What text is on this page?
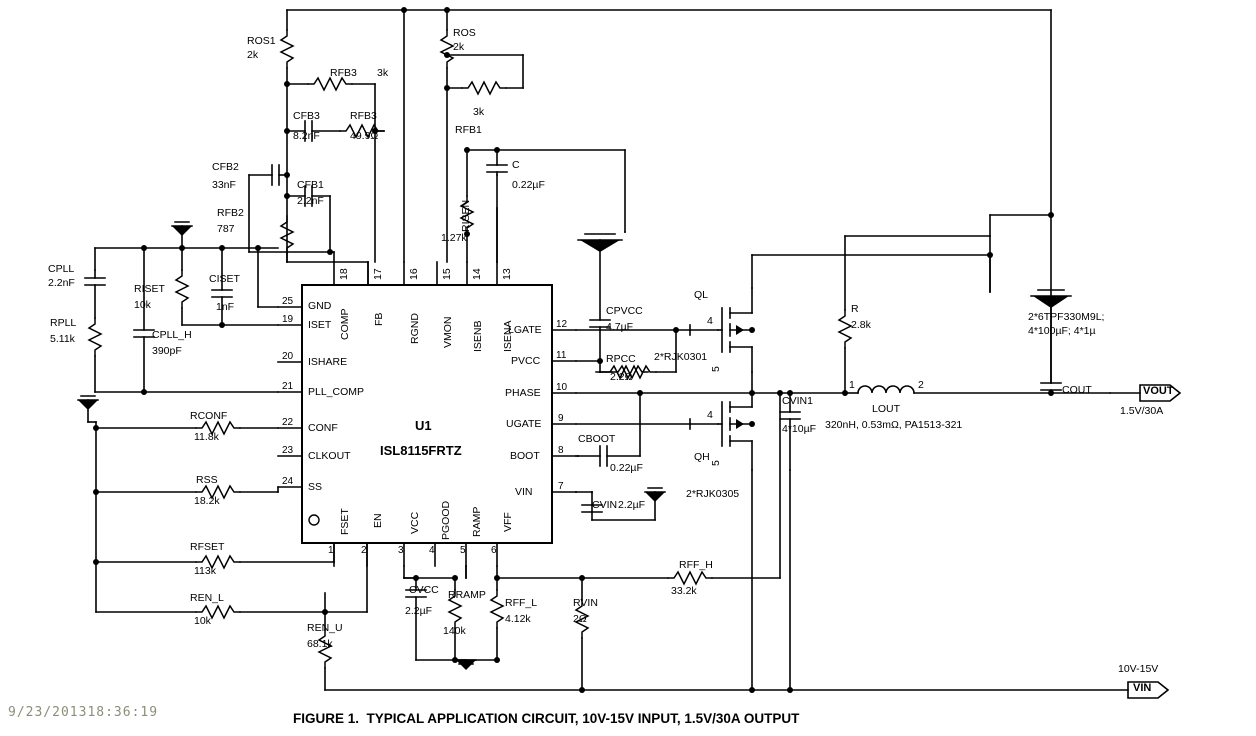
U1
ISL8115FRTZ
25 GND
19 ISET
20 ISHARE
21 PLL_COMP
22 CONF
23 CLKOUT
24 SS
12
LGATE
11
PVCC
10
PHASE
9
UGATE
8
BOOT
7
VIN
18
COMP
17
FB
16
RGND
15
VMON
14
ISENB
13
ISENA
1
FSET
2
EN
3
VCC
4
PGOOD
5
RAMP
6
VFF
ROS1
2k
ROS
2k
RFB3 3k
CFB3
8.2nF
RFB3
49.9Ω
3k
RFB1
CFB2
33nF	CFB1
2.2nF
RFB2
787
C
0.22µF
RISEN
1.27k
CPLL
2.2nF	RISET
10k
CISET
1nF
RPLL
5.11k	CPLL_H
390pF
CPVCC
4.7µF
R
2.8k
2*6TPF330M9L;
4*100µF; 4*1µ
COUT
RPCC
2.2Ω
QL
2*RJK0301
4
5
QH
2*RJK0305
4
5
CBOOT
0.22µF
CVIN1
4*10µF
CVIN 2.2µF
LOUT
320nH, 0.53mΩ, PA1513-321
1	2
RCONF
11.8k
RSS
18.2k
RFSET
113k
REN_L
10k
REN_U
68.1k
CVCC
2.2µF
RRAMP
140k
RFF_L
4.12k
RVIN
2Ω
RFF_H
33.2k
VOUT
1.5V/30A
VIN
10V-15V
FIGURE 1.  TYPICAL APPLICATION CIRCUIT, 10V-15V INPUT, 1.5V/30A OUTPUT
9/23/201318:36:19
